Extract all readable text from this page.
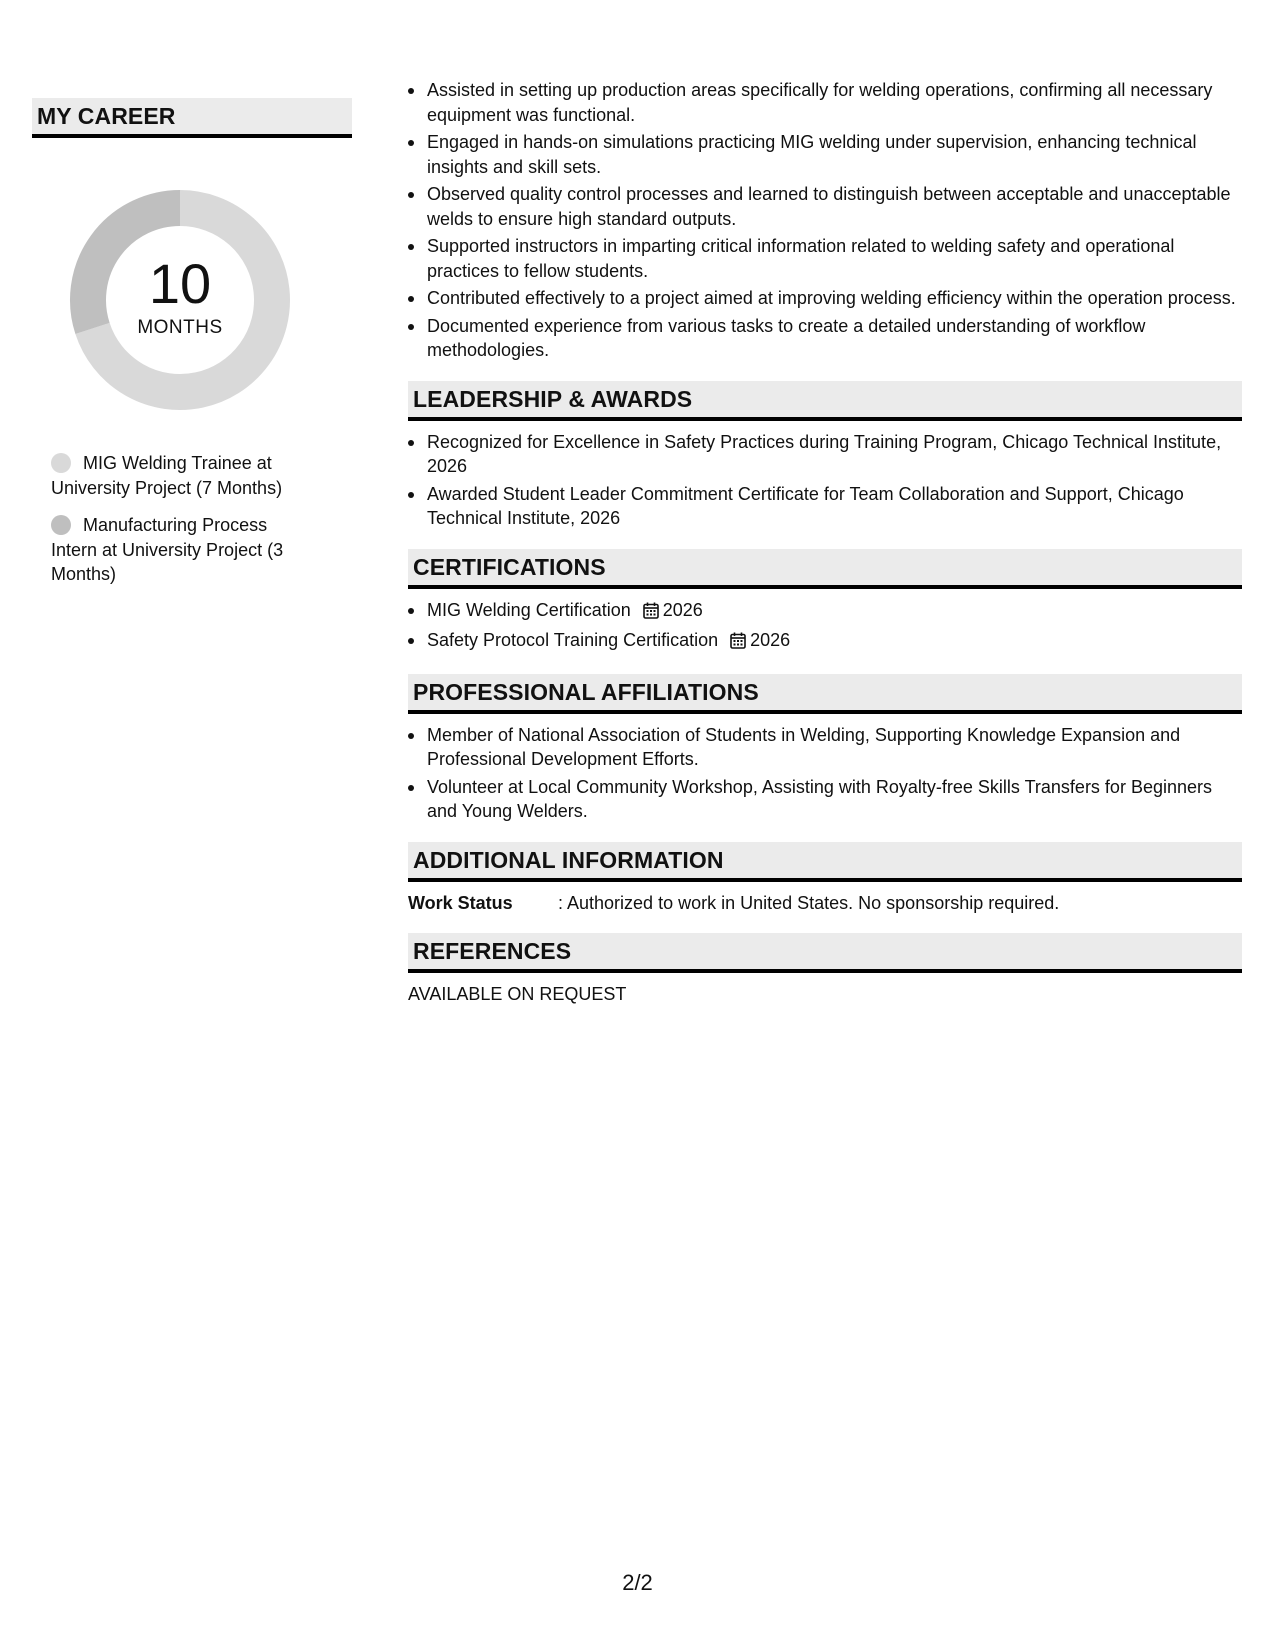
MY CAREER
10
MONTHS
MIG Welding Trainee at University Project (7 Months)
Manufacturing Process Intern at University Project (3 Months)
Assisted in setting up production areas specifically for welding operations, confirming all necessary equipment was functional.
Engaged in hands-on simulations practicing MIG welding under supervision, enhancing technical insights and skill sets.
Observed quality control processes and learned to distinguish between acceptable and unacceptable welds to ensure high standard outputs.
Supported instructors in imparting critical information related to welding safety and operational practices to fellow students.
Contributed effectively to a project aimed at improving welding efficiency within the operation process.
Documented experience from various tasks to create a detailed understanding of workflow methodologies.
LEADERSHIP & AWARDS
Recognized for Excellence in Safety Practices during Training Program, Chicago Technical Institute, 2026
Awarded Student Leader Commitment Certificate for Team Collaboration and Support, Chicago Technical Institute, 2026
CERTIFICATIONS
MIG Welding Certification 2026
Safety Protocol Training Certification 2026
PROFESSIONAL AFFILIATIONS
Member of National Association of Students in Welding, Supporting Knowledge Expansion and Professional Development Efforts.
Volunteer at Local Community Workshop, Assisting with Royalty-free Skills Transfers for Beginners and Young Welders.
ADDITIONAL INFORMATION
Work Status	: Authorized to work in United States. No sponsorship required.
REFERENCES
AVAILABLE ON REQUEST
2/2
